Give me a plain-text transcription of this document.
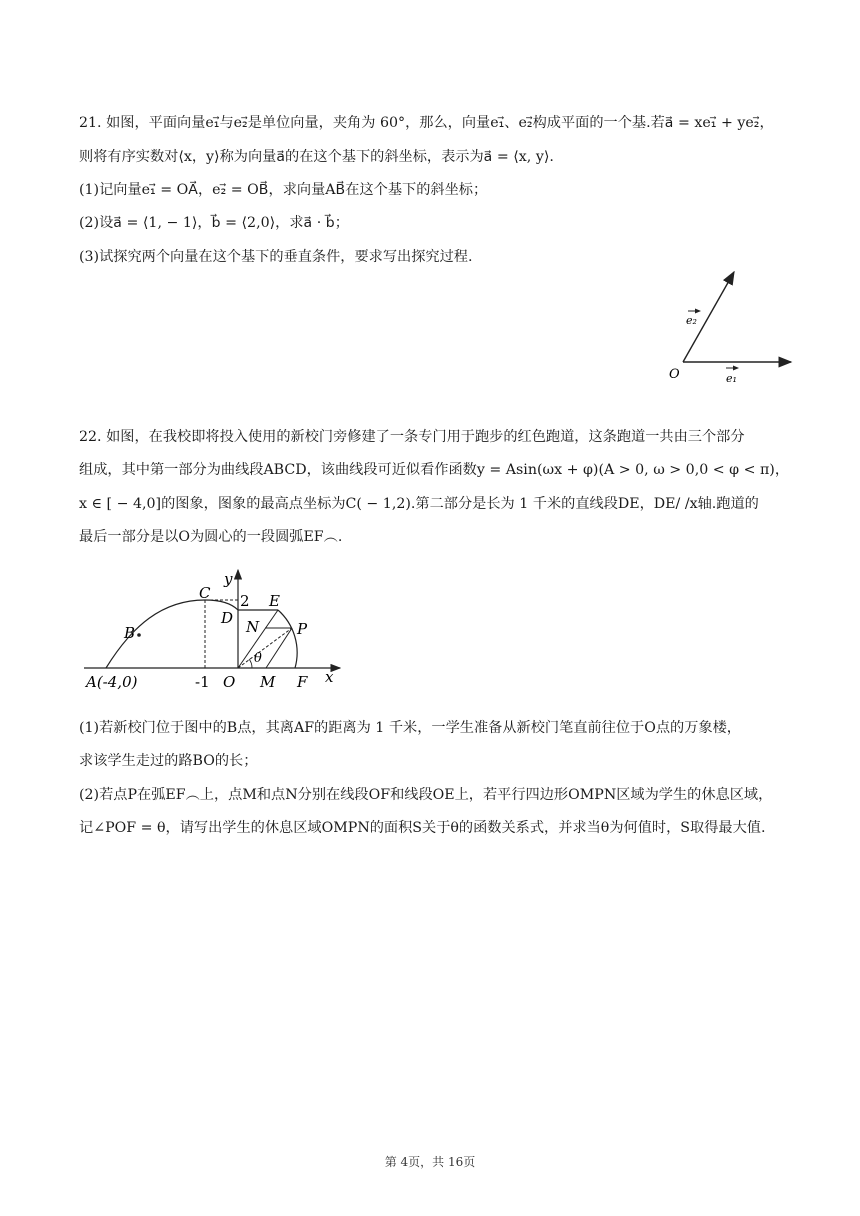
21. 如图，平面向量e₁⃗与e₂⃗是单位向量，夹角为 60°，那么，向量e₁⃗、e₂⃗构成平面的一个基.若a⃗ = xe₁⃗ + ye₂⃗，
则将有序实数对⟨x，y⟩称为向量a⃗的在这个基下的斜坐标，表示为a⃗ = ⟨x, y⟩.
(1)记向量e₁⃗ = OA⃗，e₂⃗ = OB⃗，求向量AB⃗在这个基下的斜坐标；
(2)设a⃗ = ⟨1, − 1⟩，b⃗ = ⟨2,0⟩，求a⃗ · b⃗；
(3)试探究两个向量在这个基下的垂直条件，要求写出探究过程.
e₂
e₁
O
22. 如图，在我校即将投入使用的新校门旁修建了一条专门用于跑步的红色跑道，这条跑道一共由三个部分
组成，其中第一部分为曲线段ABCD，该曲线段可近似看作函数y = Asin(ωx + φ)(A > 0, ω > 0,0 < φ < π)，
x ∈ [ − 4,0]的图象，图象的最高点坐标为C( − 1,2).第二部分是长为 1 千米的直线段DE，DE/ /x轴.跑道的
最后一部分是以O为圆心的一段圆弧EF︵.
y
x
C 2 E
D
B	N	P
θ
A(-4,0)	-1 O M F
(1)若新校门位于图中的B点，其离AF的距离为 1 千米，一学生准备从新校门笔直前往位于O点的万象楼，
求该学生走过的路BO的长；
(2)若点P在弧EF︵上，点M和点N分别在线段OF和线段OE上，若平行四边形OMPN区域为学生的休息区域，
记∠POF = θ，请写出学生的休息区域OMPN的面积S关于θ的函数关系式，并求当θ为何值时，S取得最大值.
第 4页，共 16页
